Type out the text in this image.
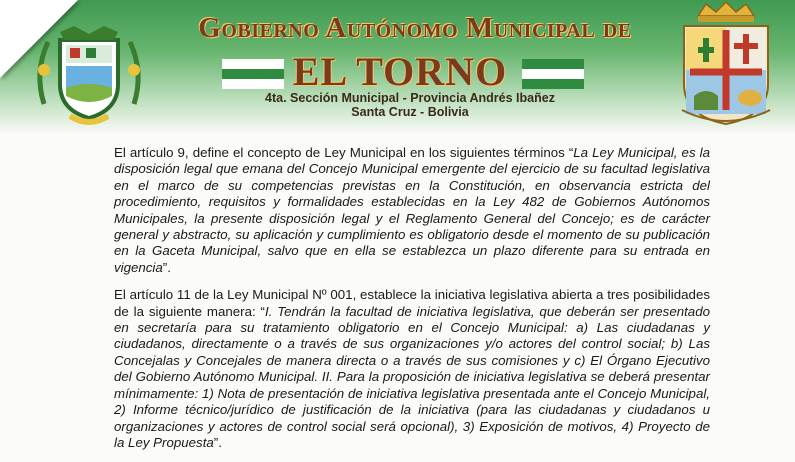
Gobierno Autónomo Municipal de
EL TORNO
4ta. Sección Municipal - Provincia Andrés Ibañez
Santa Cruz - Bolivia

El artículo 9, define el concepto de Ley Municipal en los siguientes términos “La Ley Municipal, es la disposición legal que emana del Concejo Municipal emergente del ejercicio de su facultad legislativa en el marco de su competencias previstas en la Constitución, en observancia estricta del procedimiento, requisitos y formalidades establecidas en la Ley 482 de Gobiernos Autónomos Municipales, la presente disposición legal y el Reglamento General del Concejo; es de carácter general y abstracto, su aplicación y cumplimiento es obligatorio desde el momento de su publicación en la Gaceta Municipal, salvo que en ella se establezca un plazo diferente para su entrada en vigencia”.

El artículo 11 de la Ley Municipal Nº 001, establece la iniciativa legislativa abierta a tres posibilidades de la siguiente manera: “I. Tendrán la facultad de iniciativa legislativa, que deberán ser presentado en secretaría para su tratamiento obligatorio en el Concejo Municipal: a) Las ciudadanas y ciudadanos, directamente o a través de sus organizaciones y/o actores del control social; b) Las Concejalas y Concejales de manera directa o a través de sus comisiones y c) El Órgano Ejecutivo del Gobierno Autónomo Municipal. II. Para la proposición de iniciativa legislativa se deberá presentar mínimamente: 1) Nota de presentación de iniciativa legislativa presentada ante el Concejo Municipal, 2) Informe técnico/jurídico de justificación de la iniciativa (para las ciudadanas y ciudadanos u organizaciones y actores de control social será opcional), 3) Exposición de motivos, 4) Proyecto de la Ley Propuesta”.
